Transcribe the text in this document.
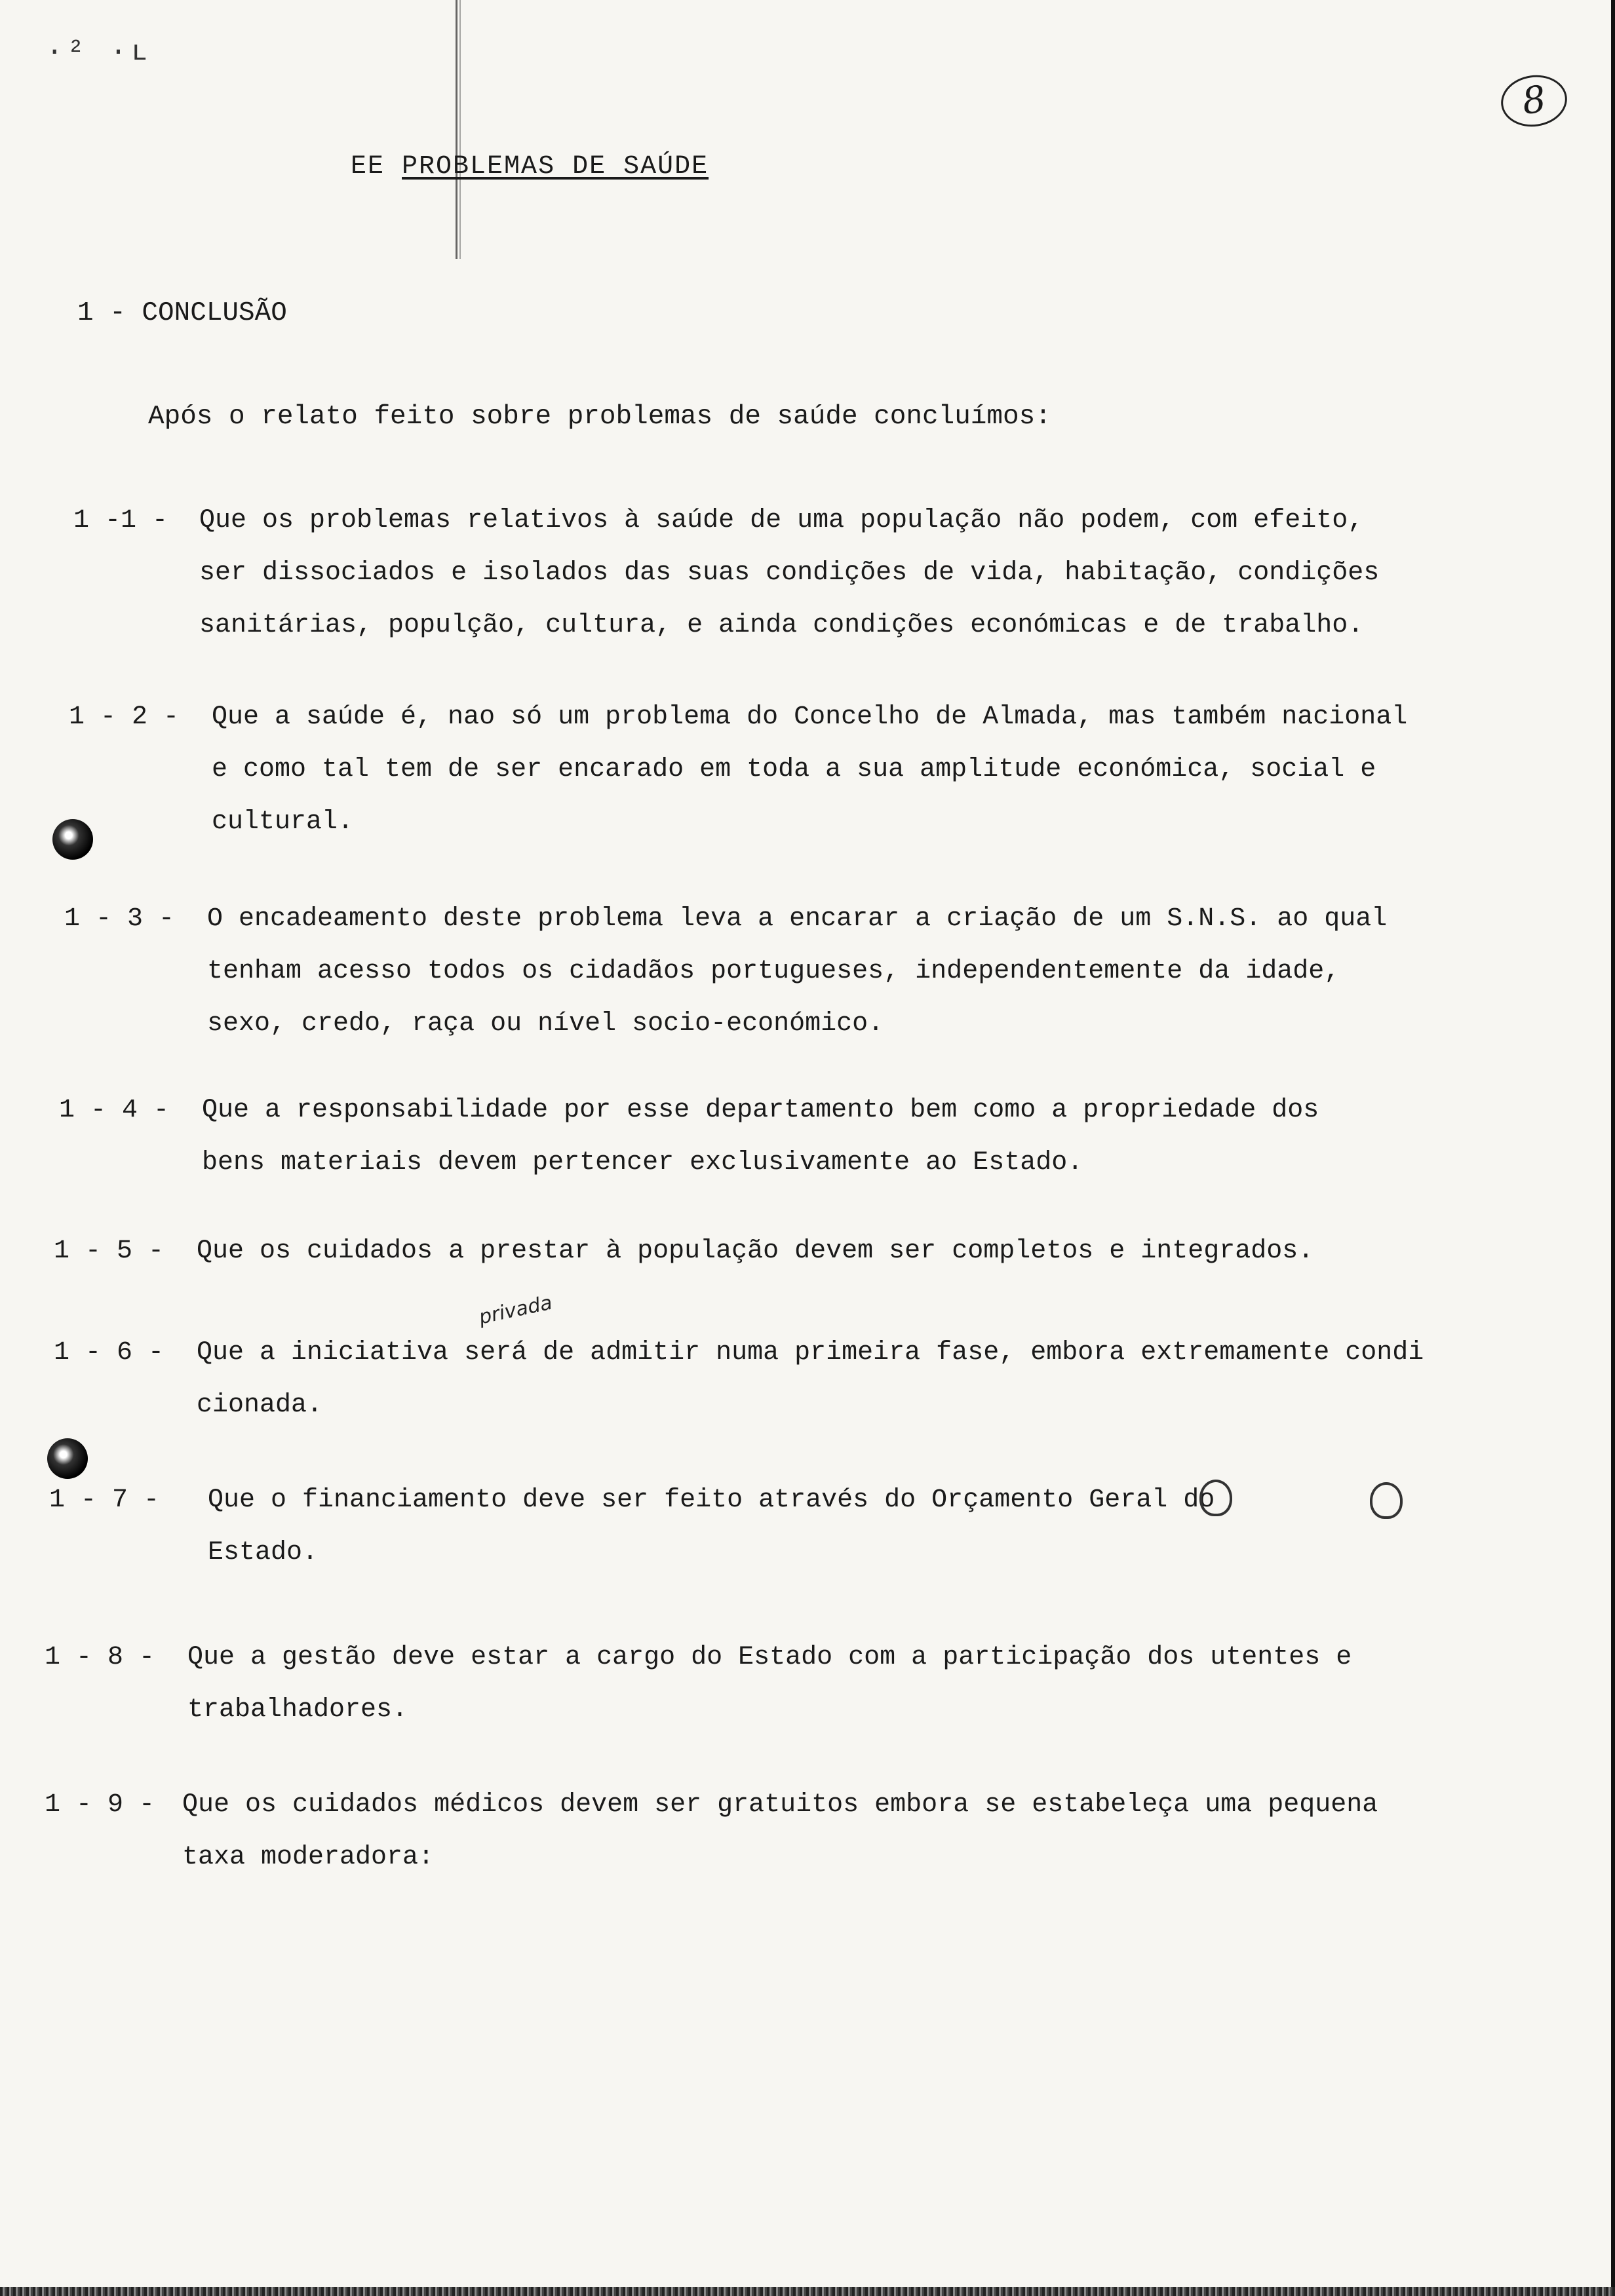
·² ·ʟ
8
EE PROBLEMAS DE SAÚDE
1 - CONCLUSÃO
Após o relato feito sobre problemas de saúde concluímos:
1 -1 - Que os problemas relativos à saúde de uma população não podem, com efeito,
ser dissociados e isolados das suas condições de vida, habitação, condições
sanitárias, populção, cultura, e ainda condições económicas e de trabalho.
1 - 2 - Que a saúde é, nao só um problema do Concelho de Almada, mas também nacional
e como tal tem de ser encarado em toda a sua amplitude económica, social e
cultural.
1 - 3 - O encadeamento deste problema leva a encarar a criação de um S.N.S. ao qual
tenham acesso todos os cidadãos portugueses, independentemente da idade,
sexo, credo, raça ou nível socio-económico.
1 - 4 - Que a responsabilidade por esse departamento bem como a propriedade dos
bens materiais devem pertencer exclusivamente ao Estado.
1 - 5 - Que os cuidados a prestar à população devem ser completos e integrados.
1 - 6 - Que a iniciativa será de admitir numa primeira fase, embora extremamente condi
cionada.
1 - 7 - Que o financiamento deve ser feito através do Orçamento Geral do
Estado.
1 - 8 - Que a gestão deve estar a cargo do Estado com a participação dos utentes e
trabalhadores.
1 - 9 - Que os cuidados médicos devem ser gratuitos embora se estabeleça uma pequena
taxa moderadora:
privada
